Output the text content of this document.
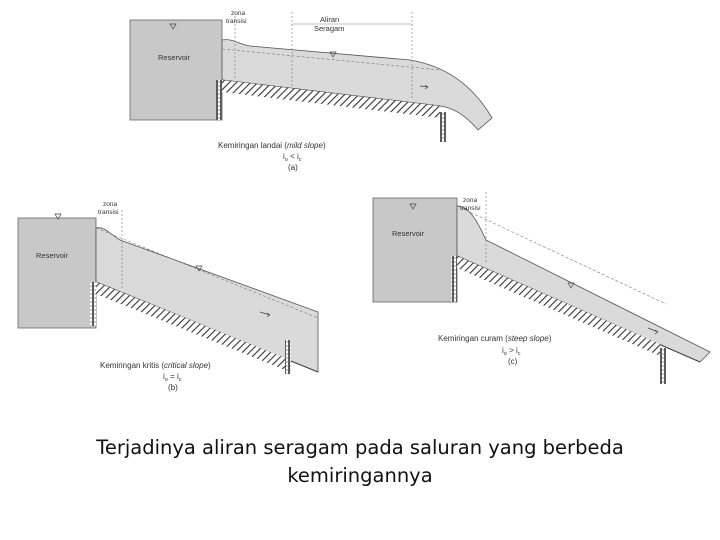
Reservoir
zona
transisi	Aliran
Seragam
Kemiringan landai (mild slope)
$i_o < i_c$
(a)
Reservoir
zona
transisi
Kemiringan kritis (critical slope)
$i_o = i_c$
(b)
Reservoir
zona
transisi
Kemiringan curam (steep slope)
$i_o > i_c$
(c)
Terjadinya aliran seragam pada saluran yang berbeda
kemiringannya
